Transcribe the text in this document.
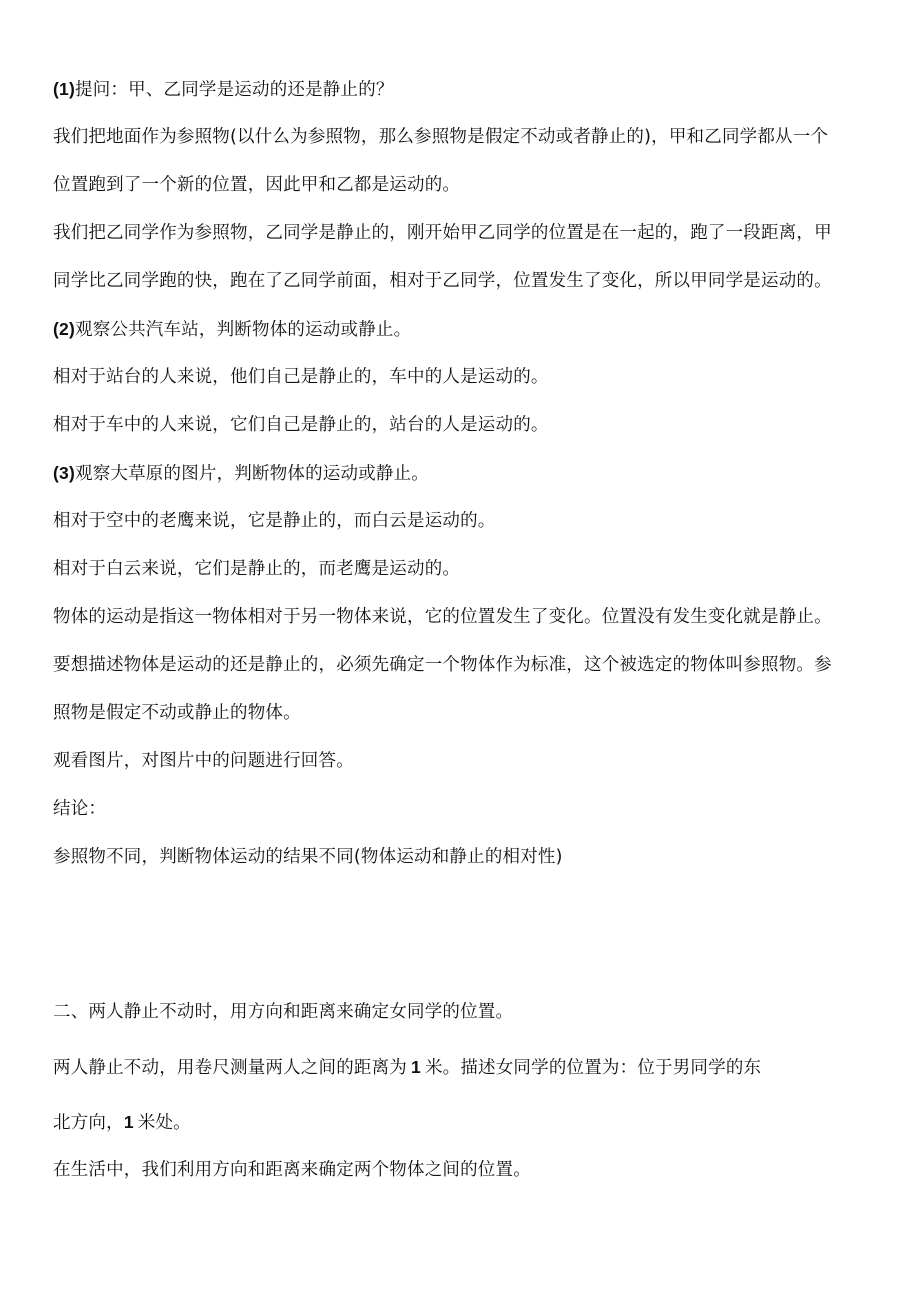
(1)提问：甲、乙同学是运动的还是静止的？
我们把地面作为参照物(以什么为参照物，那么参照物是假定不动或者静止的)，甲和乙同学都从一个
位置跑到了一个新的位置，因此甲和乙都是运动的。
我们把乙同学作为参照物，乙同学是静止的，刚开始甲乙同学的位置是在一起的，跑了一段距离，甲
同学比乙同学跑的快，跑在了乙同学前面，相对于乙同学，位置发生了变化，所以甲同学是运动的。
(2)观察公共汽车站，判断物体的运动或静止。
相对于站台的人来说，他们自己是静止的，车中的人是运动的。
相对于车中的人来说，它们自己是静止的，站台的人是运动的。
(3)观察大草原的图片，判断物体的运动或静止。
相对于空中的老鹰来说，它是静止的，而白云是运动的。
相对于白云来说，它们是静止的，而老鹰是运动的。
物体的运动是指这一物体相对于另一物体来说，它的位置发生了变化。位置没有发生变化就是静止。
要想描述物体是运动的还是静止的，必须先确定一个物体作为标准，这个被选定的物体叫参照物。参
照物是假定不动或静止的物体。
观看图片，对图片中的问题进行回答。
结论：
参照物不同，判断物体运动的结果不同(物体运动和静止的相对性)
二、两人静止不动时，用方向和距离来确定女同学的位置。
两人静止不动，用卷尺测量两人之间的距离为 1 米。描述女同学的位置为：位于男同学的东
北方向，1 米处。
在生活中，我们利用方向和距离来确定两个物体之间的位置。
